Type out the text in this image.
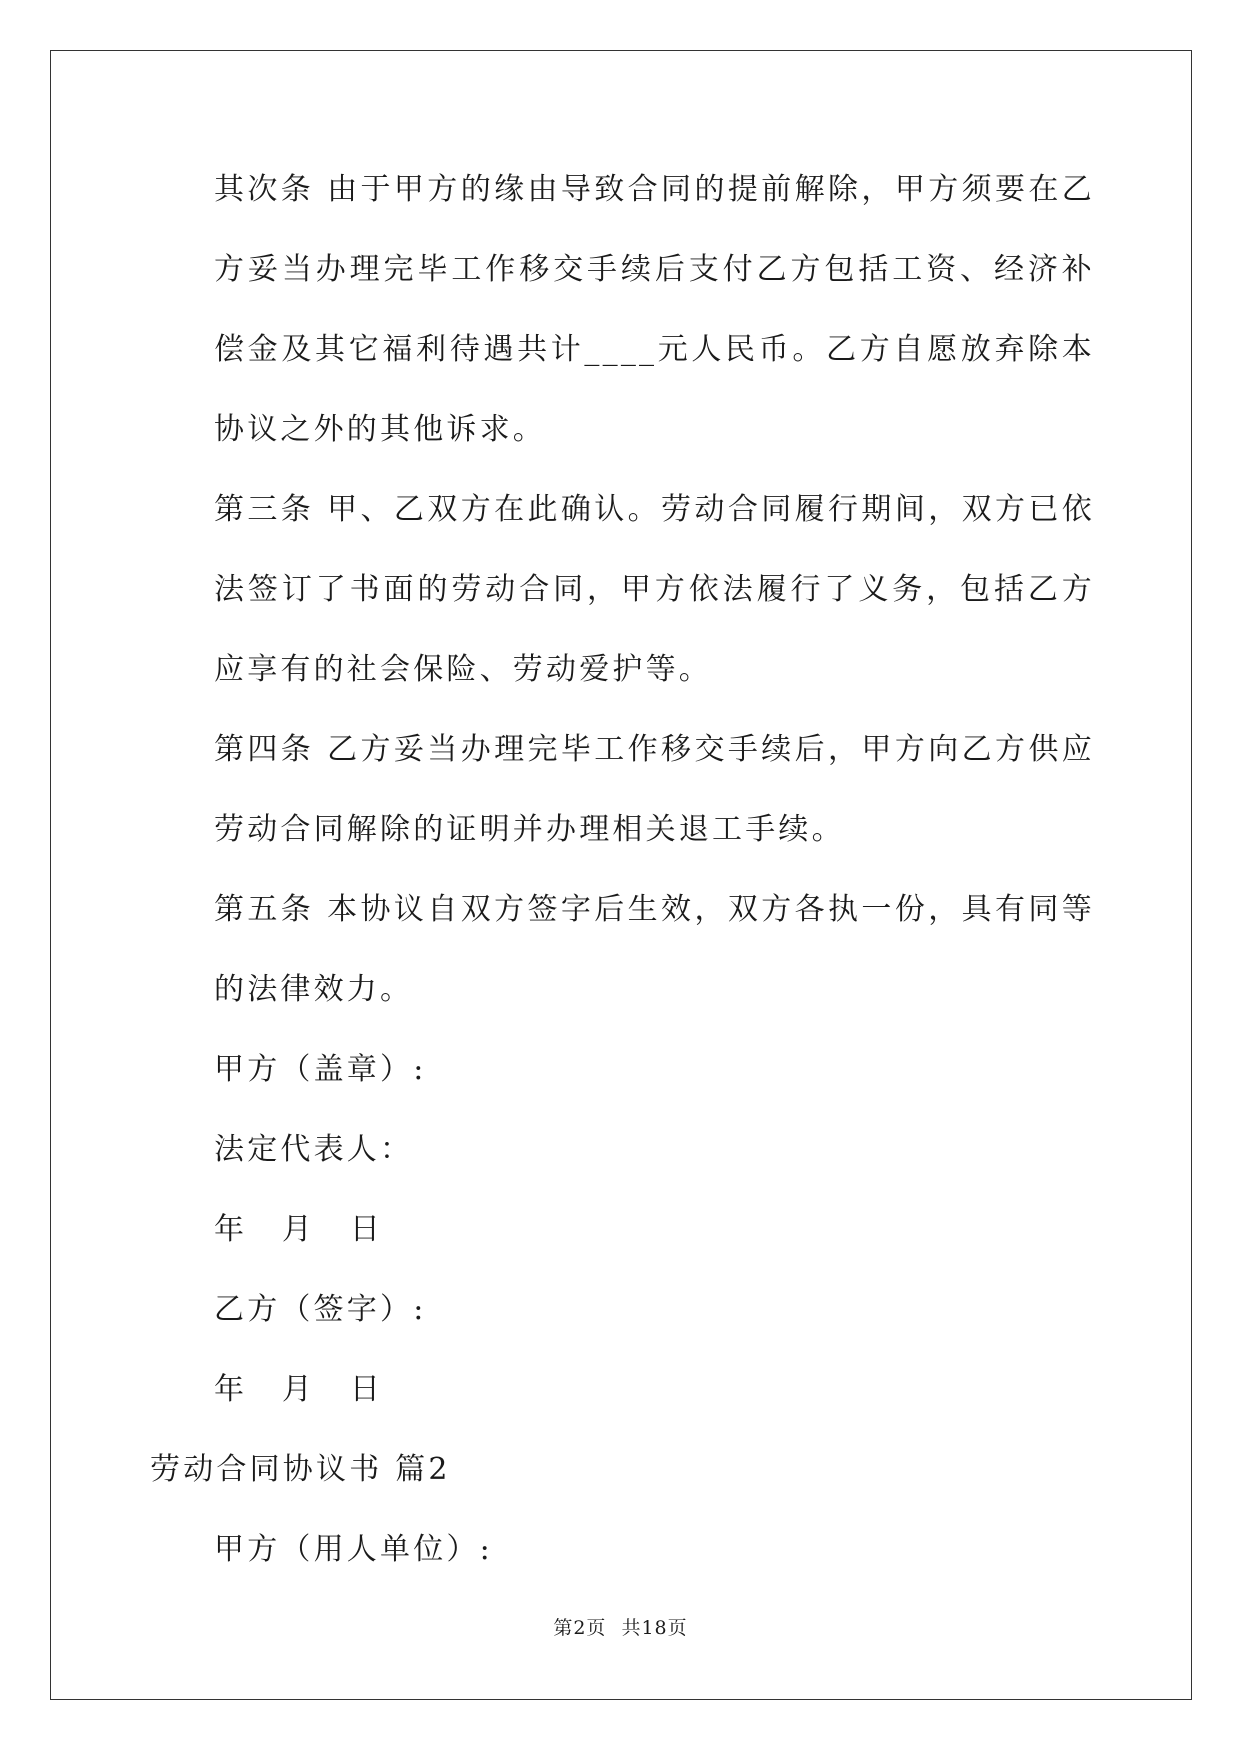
其次条 由于甲方的缘由导致合同的提前解除，甲方须要在乙方妥当办理完毕工作移交手续后支付乙方包括工资、经济补偿金及其它福利待遇共计____元人民币。乙方自愿放弃除本协议之外的其他诉求。

第三条 甲、乙双方在此确认。劳动合同履行期间，双方已依法签订了书面的劳动合同，甲方依法履行了义务，包括乙方应享有的社会保险、劳动爱护等。

第四条 乙方妥当办理完毕工作移交手续后，甲方向乙方供应劳动合同解除的证明并办理相关退工手续。

第五条 本协议自双方签字后生效，双方各执一份，具有同等的法律效力。

甲方（盖章）:

法定代表人：

年 月 日

乙方（签字）:

年 月 日

劳动合同协议书 篇2

甲方（用人单位）:

第2页 共18页
